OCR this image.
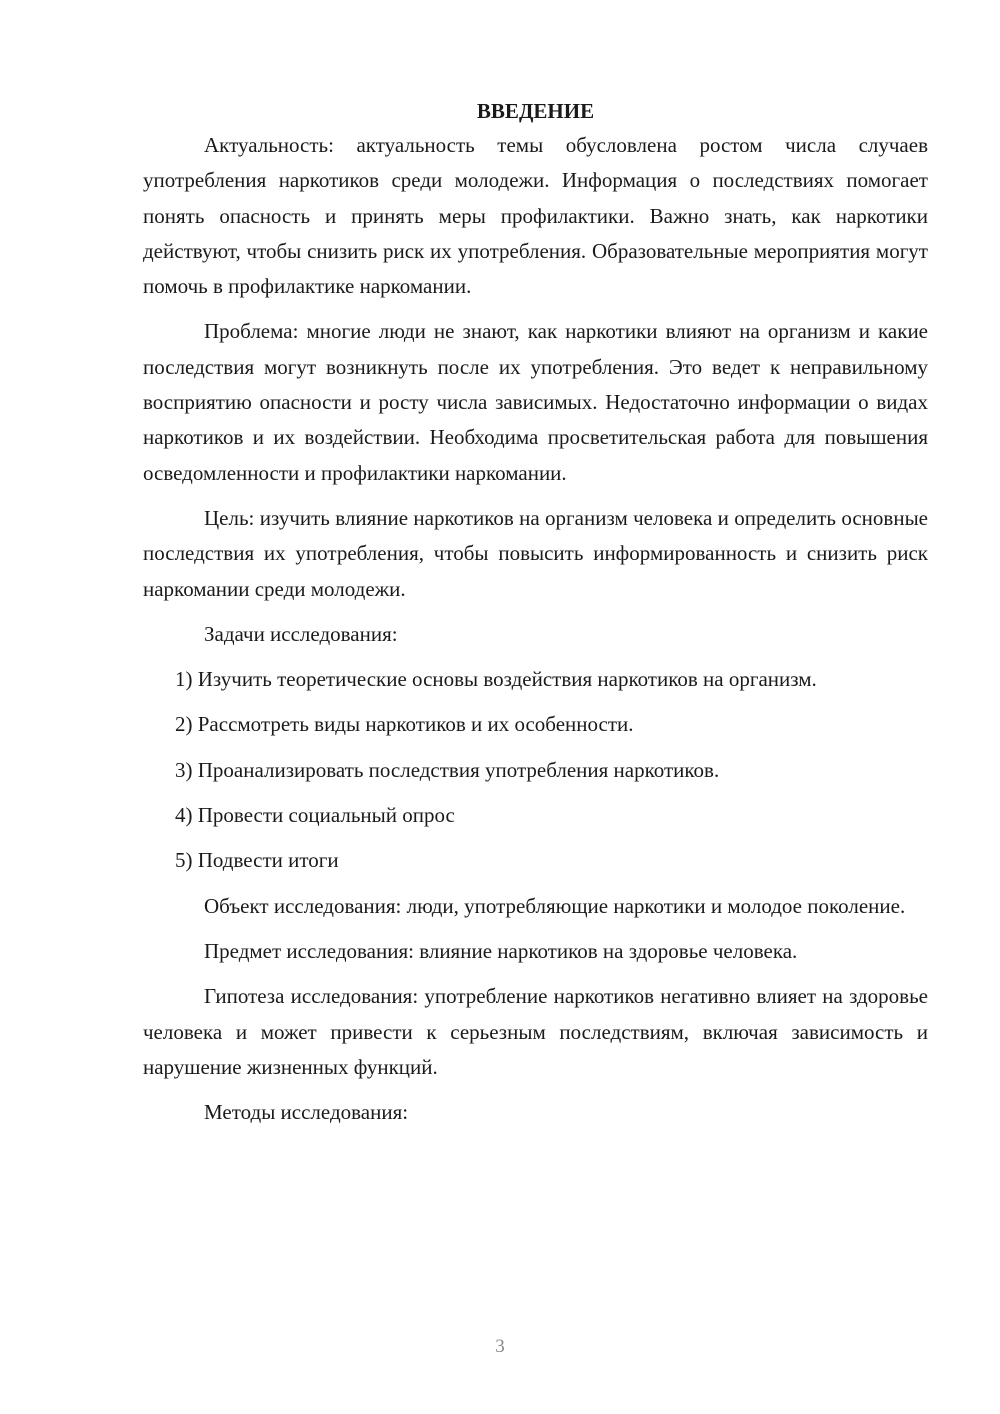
ВВЕДЕНИЕ

Актуальность: актуальность темы обусловлена ростом числа случаев употребления наркотиков среди молодежи. Информация о последствиях помогает понять опасность и принять меры профилактики. Важно знать, как наркотики действуют, чтобы снизить риск их употребления. Образовательные мероприятия могут помочь в профилактике наркомании.

Проблема: многие люди не знают, как наркотики влияют на организм и какие последствия могут возникнуть после их употребления. Это ведет к неправильному восприятию опасности и росту числа зависимых. Недостаточно информации о видах наркотиков и их воздействии. Необходима просветительская работа для повышения осведомленности и профилактики наркомании.

Цель: изучить влияние наркотиков на организм человека и определить основные последствия их употребления, чтобы повысить информированность и снизить риск наркомании среди молодежи.

Задачи исследования:

1) Изучить теоретические основы воздействия наркотиков на организм.

2) Рассмотреть виды наркотиков и их особенности.

3) Проанализировать последствия употребления наркотиков.

4) Провести социальный опрос

5) Подвести итоги

Объект исследования: люди, употребляющие наркотики и молодое поколение.

Предмет исследования: влияние наркотиков на здоровье человека.

Гипотеза исследования: употребление наркотиков негативно влияет на здоровье человека и может привести к серьезным последствиям, включая зависимость и нарушение жизненных функций.

Методы исследования:

3
